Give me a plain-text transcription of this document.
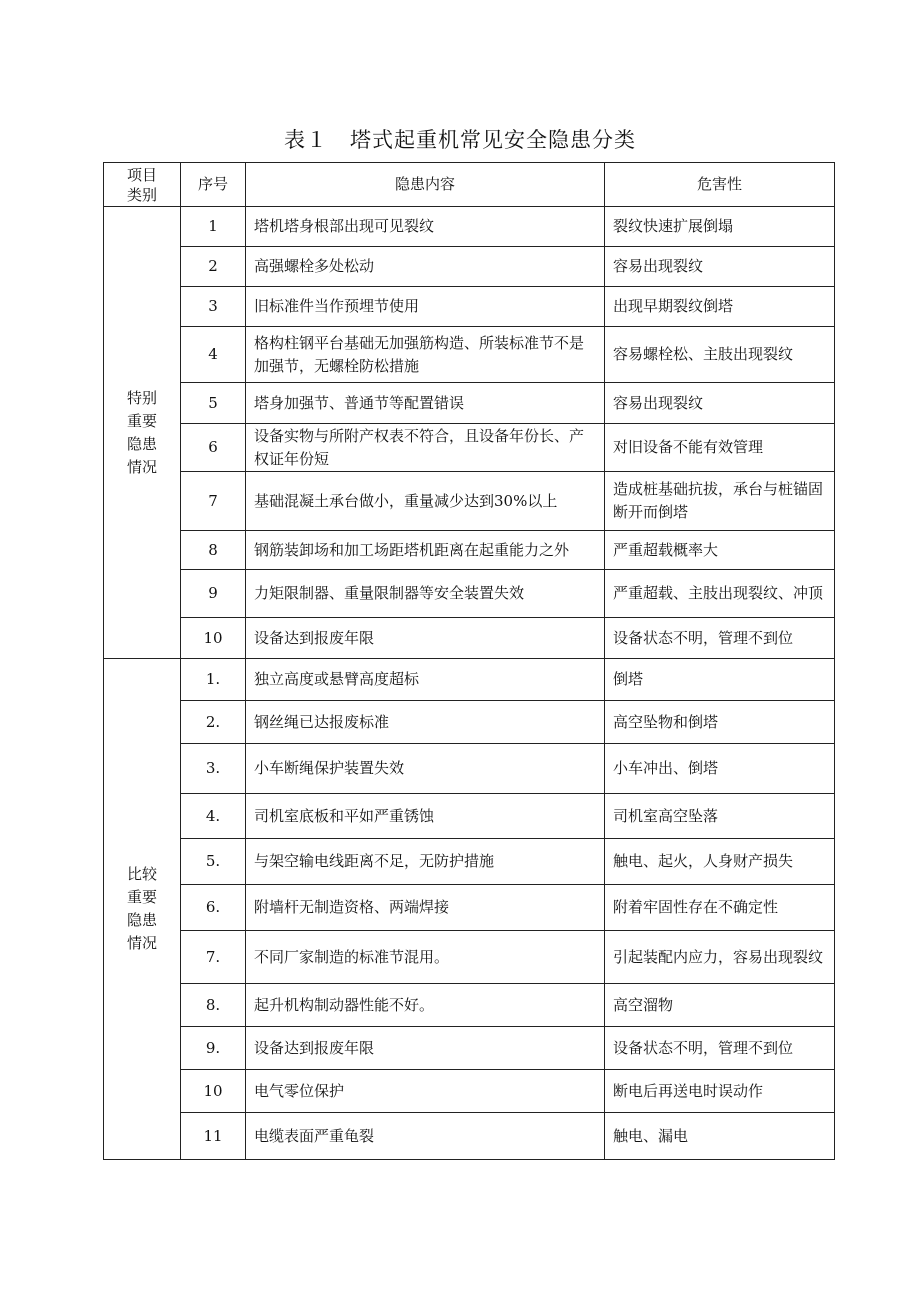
表１　塔式起重机常见安全隐患分类
项目
类别	序号	隐患内容	危害性
特别
重要
隐患
情况	1	塔机塔身根部出现可见裂纹	裂纹快速扩展倒塌
	2	高强螺栓多处松动	容易出现裂纹
	3	旧标准件当作预埋节使用	出现早期裂纹倒塔
	4	格构柱钢平台基础无加强筋构造、所装标准节不是加强节，无螺栓防松措施	容易螺栓松、主肢出现裂纹
	5	塔身加强节、普通节等配置错误	容易出现裂纹
	6	设备实物与所附产权表不符合，且设备年份长、产权证年份短	对旧设备不能有效管理
	7	基础混凝土承台做小，重量减少达到30%以上	造成桩基础抗拔，承台与桩锚固断开而倒塔
	8	钢筋装卸场和加工场距塔机距离在起重能力之外	严重超载概率大
	9	力矩限制器、重量限制器等安全装置失效	严重超载、主肢出现裂纹、冲顶
	10	设备达到报废年限	设备状态不明，管理不到位
比较
重要
隐患
情况	1.	独立高度或悬臂高度超标	倒塔
	2.	钢丝绳已达报废标准	高空坠物和倒塔
	3.	小车断绳保护装置失效	小车冲出、倒塔
	4.	司机室底板和平如严重锈蚀	司机室高空坠落
	5.	与架空输电线距离不足，无防护措施	触电、起火，人身财产损失
	6.	附墙杆无制造资格、两端焊接	附着牢固性存在不确定性
	7.	不同厂家制造的标准节混用。	引起装配内应力，容易出现裂纹
	8.	起升机构制动器性能不好。	高空溜物
	9.	设备达到报废年限	设备状态不明，管理不到位
	10	电气零位保护	断电后再送电时误动作
	11	电缆表面严重龟裂	触电、漏电
